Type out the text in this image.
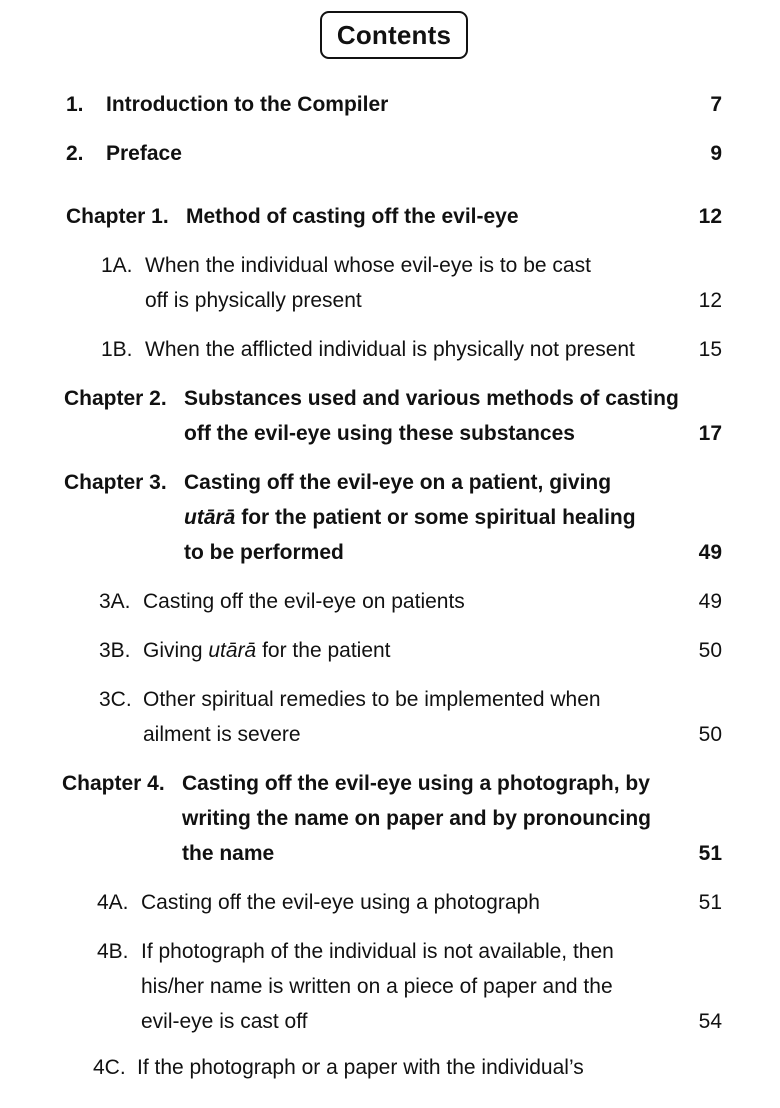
Contents
1. Introduction to the Compiler	7
2. Preface	9
Chapter 1. Method of casting off the evil-eye	12
1A. When the individual whose evil-eye is to be cast
off is physically present	12
1B. When the afflicted individual is physically not present	15
Chapter 2. Substances used and various methods of casting
off the evil-eye using these substances	17
Chapter 3. Casting off the evil-eye on a patient, giving
utārā for the patient or some spiritual healing
to be performed	49
3A. Casting off the evil-eye on patients	49
3B. Giving utārā for the patient	50
3C. Other spiritual remedies to be implemented when
ailment is severe	50
Chapter 4. Casting off the evil-eye using a photograph, by
writing the name on paper and by pronouncing
the name	51
4A. Casting off the evil-eye using a photograph	51
4B. If photograph of the individual is not available, then
his/her name is written on a piece of paper and the
evil-eye is cast off	54
4C. If the photograph or a paper with the individual’s
